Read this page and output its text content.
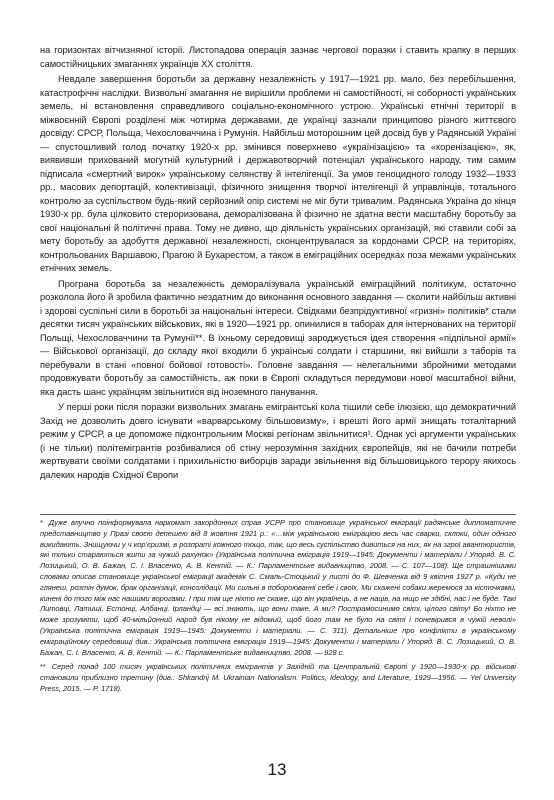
на горизонтах вітчизняної історії. Листопадова операція зазнає чергової поразки і ставить крапку в перших самостійницьких змаганнях українців XX століття.

Невдале завершення боротьби за державну незалежність у 1917—1921 рр. мало, без перебільшення, катастрофічні наслідки. Визвольні змагання не вирішили проблеми ні самостійності, ні соборності українських земель, ні встановлення справедливого соціально-економічного устрою. Українські етнічні території в міжвоєнній Європі розділені між чотирма державами, де українці зазнали принципово різного життєвого досвіду: СРСР, Польща, Чехословаччина і Румунія. Найбільш моторошним цей досвід був у Радянській Україні — спустошливий голод початку 1920-х рр. змінився поверхнево «українізацією» та «коренізацією», як, виявивши прихований могутній культурний і державотворчий потенціал українського народу, тим самим підписала «смертний вирок» українському селянству й інтелігенції. За умов геноцидного голоду 1932—1933 рр., масових депортацій, колективізації, фізичного знищення творчої інтелігенції й управлінців, тотального контролю за суспільством будь-який серйозний опір системі не міг бути тривалим. Радянська Україна до кінця 1930-х рр. була цілковито стероризована, деморалізована й фізично не здатна вести масштабну боротьбу за свої національні й політичні права. Тому не дивно, що діяльність українських організацій, які ставили собі за мету боротьбу за здобуття державної незалежності, сконцентрувалася за кордонами СРСР, на територіях, контрольованих Варшавою, Прагою й Бухарестом, а також в еміграційних осередках поза межами українських етнічних земель.

Програна боротьба за незалежність деморалізувала українській еміграційний політикум, остаточно розколола його й зробила фактично нездатним до виконання основного завдання — сколити найбільш активні і здорові суспільні сили в боротьбі за національні інтереси. Свідками безпрідуктивної «гризні» політиків* стали десятки тисяч українських військових, які в 1920—1921 рр. опинилися в таборах для інтернованих на території Польщі, Чехословаччини та Румунії**. В їхньому середовищі зароджується ідея створення «підпільної армії» — Військової організації, до складу якої входили б українські солдати і старшини, які вийшли з таборів та перебували в стані «повної бойової готовості». Головне завдання — нелегальними збройними методами продовжувати боротьбу за самостійність, аж поки в Європі складуться передумови нової масштабної війни, яка дасть шанс українцям звільнитися від іноземного панування.

У перші роки після поразки визвольних змагань емігрантські кола тішили себе ілюзією, що демократичний Захід не дозволить довго існувати «варварському більшовизму», і врешті його армії знищать тоталітарний режим у СРСР, а це допоможе підконтрольним Москві регіонам звільнитися¹. Однак усі аргументи українських (і не тільки) політемігрантів розбивалися об стіну нерозуміння західних європейців, які не бачили потреби жертвувати своїми солдатами і прихильністю виборців заради звільнення від більшовицького терору якихось далеких народів Східної Європи

* Дуже влучно поінформувала наркомат закордонних справ УСРР про становище української еміграції радянське дипломатичне представництво у Празі своєю депешею від 8 жовтня 1921 р.: «…між українською еміграцією весь час сварки, склоки, один одного викидають. Знищуючи у ч кор’єризмі, в розпраті кожного тощо, так, що весь суспільство дивиться на них, як на згрої авантюристів, які тільки стараються жити за чужий рахунок» (Українська політична еміграція 1919—1945: Документи і матеріали / Упоряд. В. С. Лозицький, О. В. Бажан, С. І. Власенко, А. В. Кентій. — К.: Парламентське видавництво, 2008. — С. 107—108). Ще страшнішими словами описав становище української еміграції академік С. Смаль-Стоцький у листі до Ф. Шевченка від 9 квітня 1927 р. «Куди не глянеш, розтін думок, брак організації, консолідації. Ми сильні в побороюванні себе і своїх. Ми скажені собаки жеремося за кісточками, кинені до того між нас нашими ворогами. І при тім ще ніхто не скаже, що він українець, а не наців, на ніщо не здібні, нас і не буде. Такі Литовці, Латиші, Естонці, Албанці. Ірландці — всі знають, що вони таке. А ми? Пострамосинимо світі, цілого світу! Бо ніхто не може зрозуміти, щоб 40-мільйонний народ був нікому не відомий, щоб його там не було на світі і поневірився в чужій неволі» (Українська політична еміграція 1919—1945: Документи і матеріали. — С. 311). Детальніше про конфлікти в українському еміграційному середовищі див.: Українська політична еміграція 1919—1945: Документи і матеріали / Упоряд. В. С. Лозицький, О. В. Бажан, С. І. Власенко, А. В. Кентій. — К.: Парламентське видавництво, 2008. — 928 с.

** Серед понад 100 тисяч українських політичних емігрантів у Західній та Центральній Європі у 1920—1930-х рр. військові становили приблизно третину (див.: Shkandrij M. Ukrainian Nationalism. Politics, Ideology, and Literature, 1929—1956. — Yel University Press, 2015. — P. 1718).

13
